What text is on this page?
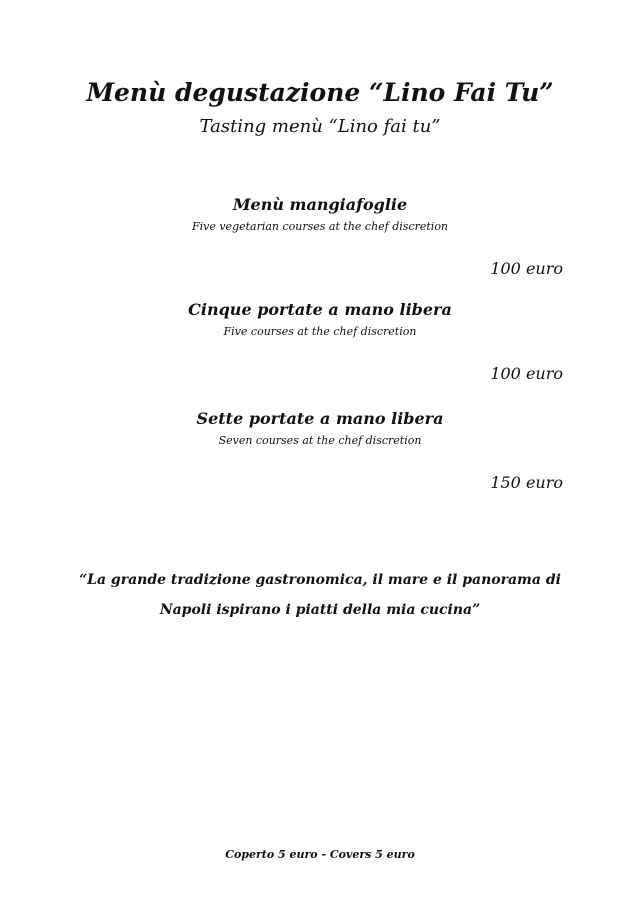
Menù degustazione “Lino Fai Tu”
Tasting menù “Lino fai tu”
Menù mangiafoglie
Five vegetarian courses at the chef discretion
100 euro
Cinque portate a mano libera
Five courses at the chef discretion
100 euro
Sette portate a mano libera
Seven courses at the chef discretion
150 euro
“La grande tradizione gastronomica, il mare e il panorama di Napoli ispirano i piatti della mia cucina”
Coperto 5 euro - Covers 5 euro
